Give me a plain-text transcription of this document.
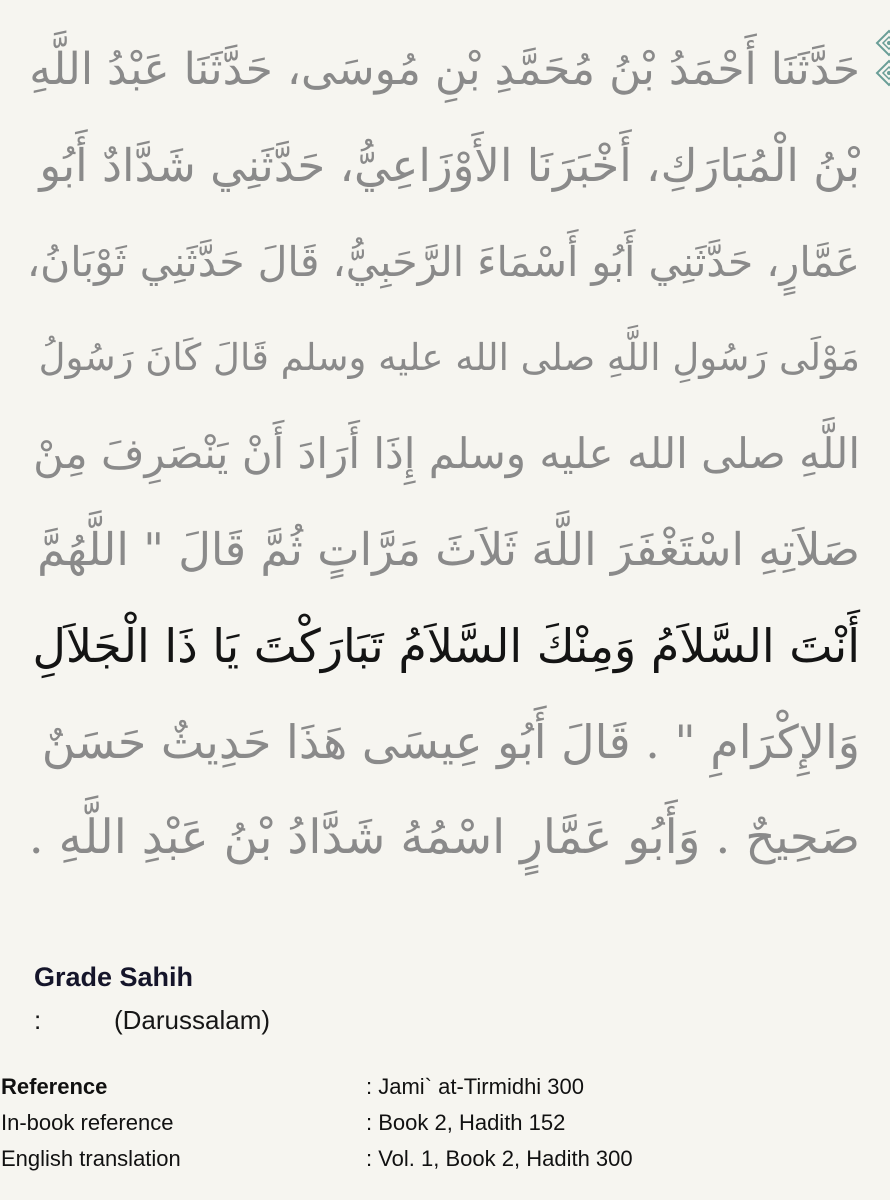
حَدَّثَنَا أَحْمَدُ بْنُ مُحَمَّدِ بْنِ مُوسَى، حَدَّثَنَا عَبْدُ اللَّهِ
بْنُ الْمُبَارَكِ، أَخْبَرَنَا الأَوْزَاعِيُّ، حَدَّثَنِي شَدَّادٌ أَبُو
عَمَّارٍ، حَدَّثَنِي أَبُو أَسْمَاءَ الرَّحَبِيُّ، قَالَ حَدَّثَنِي ثَوْبَانُ،
مَوْلَى رَسُولِ اللَّهِ صلى الله عليه وسلم قَالَ كَانَ رَسُولُ
اللَّهِ صلى الله عليه وسلم إِذَا أَرَادَ أَنْ يَنْصَرِفَ مِنْ
صَلاَتِهِ اسْتَغْفَرَ اللَّهَ ثَلاَثَ مَرَّاتٍ ثُمَّ قَالَ " اللَّهُمَّ
أَنْتَ السَّلاَمُ وَمِنْكَ السَّلاَمُ تَبَارَكْتَ يَا ذَا الْجَلاَلِ
وَالإِكْرَامِ " . قَالَ أَبُو عِيسَى هَذَا حَدِيثٌ حَسَنٌ
صَحِيحٌ . وَأَبُو عَمَّارٍ اسْمُهُ شَدَّادُ بْنُ عَبْدِ اللَّهِ .
Grade Sahih
:	(Darussalam)
Reference	: Jami` at-Tirmidhi 300
In-book reference	: Book 2, Hadith 152
English translation	: Vol. 1, Book 2, Hadith 300
